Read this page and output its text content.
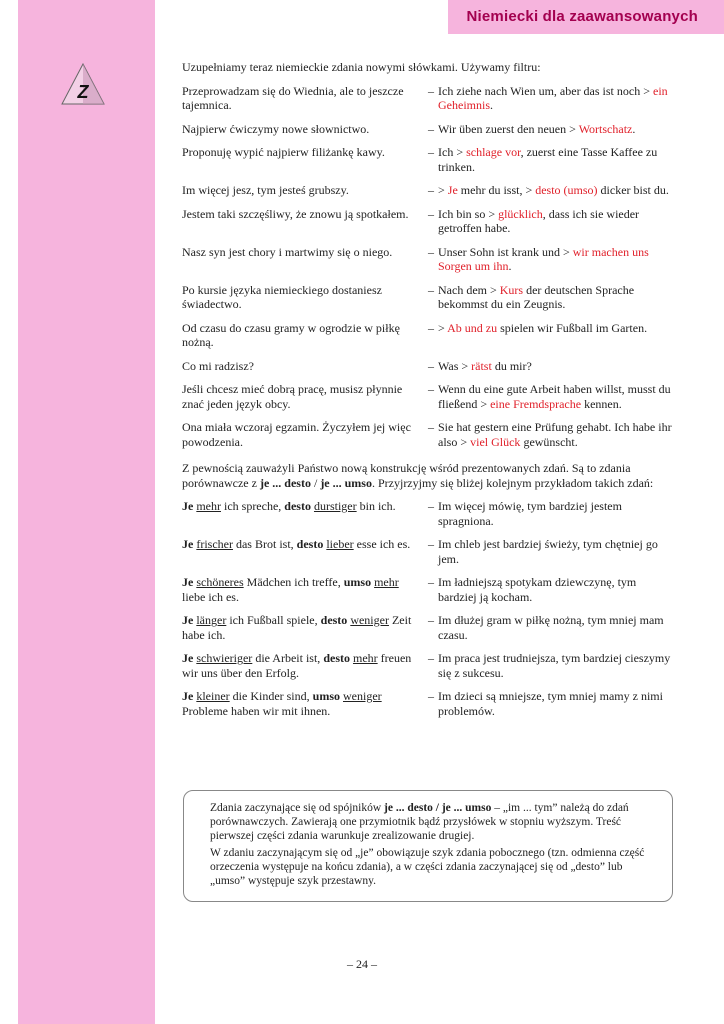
Niemiecki dla zaawansowanych
Z

Uzupełniamy teraz niemieckie zdania nowymi słówkami. Używamy filtru:

Przeprowadzam się do Wiednia, ale to jeszcze tajemnica.
– Ich ziehe nach Wien um, aber das ist noch > ein Geheimnis.
Najpierw ćwiczymy nowe słownictwo.	– Wir üben zuerst den neuen > Wortschatz.
Proponuję wypić najpierw filiżankę kawy.	– Ich > schlage vor, zuerst eine Tasse Kaffee zu trinken.
Im więcej jesz, tym jesteś grubszy.	– > Je mehr du isst, > desto (umso) dicker bist du.
Jestem taki szczęśliwy, że znowu ją spotkałem.	– Ich bin so > glücklich, dass ich sie wieder getroffen habe.
Nasz syn jest chory i martwimy się o niego.	– Unser Sohn ist krank und > wir machen uns Sorgen um ihn.
Po kursie języka niemieckiego dostaniesz świadectwo.
– Nach dem > Kurs der deutschen Sprache bekommst du ein Zeugnis.
Od czasu do czasu gramy w ogrodzie w piłkę nożną.
– > Ab und zu spielen wir Fußball im Garten.
Co mi radzisz?	– Was > rätst du mir?
Jeśli chcesz mieć dobrą pracę, musisz płynnie znać jeden język obcy.
– Wenn du eine gute Arbeit haben willst, musst du fließend > eine Fremdsprache kennen.
Ona miała wczoraj egzamin. Życzyłem jej więc powodzenia.
– Sie hat gestern eine Prüfung gehabt. Ich habe ihr also > viel Glück gewünscht.

Z pewnością zauważyli Państwo nową konstrukcję wśród prezentowanych zdań. Są to zdania porównawcze z je ... desto / je ... umso. Przyjrzyjmy się bliżej kolejnym przykładom takich zdań:

Je mehr ich spreche, desto durstiger bin ich.	– Im więcej mówię, tym bardziej jestem spragniona.
Je frischer das Brot ist, desto lieber esse ich es.	– Im chleb jest bardziej świeży, tym chętniej go jem.
Je schöneres Mädchen ich treffe, umso mehr liebe ich es.
– Im ładniejszą spotykam dziewczynę, tym bardziej ją kocham.
Je länger ich Fußball spiele, desto weniger Zeit habe ich.
– Im dłużej gram w piłkę nożną, tym mniej mam czasu.
Je schwieriger die Arbeit ist, desto mehr freuen wir uns über den Erfolg.
– Im praca jest trudniejsza, tym bardziej cieszymy się z sukcesu.
Je kleiner die Kinder sind, umso weniger Probleme haben wir mit ihnen.
– Im dzieci są mniejsze, tym mniej mamy z nimi problemów.

Zdania zaczynające się od spójników je ... desto / je ... umso – „im ... tym” należą do zdań porównawczych. Zawierają one przymiotnik bądź przysłówek w stopniu wyższym. Treść pierwszej części zdania warunkuje zrealizowanie drugiej.

W zdaniu zaczynającym się od „je” obowiązuje szyk zdania pobocznego (tzn. odmienna część orzeczenia występuje na końcu zdania), a w części zdania zaczynającej się od „desto” lub „umso” występuje szyk przestawny.

– 24 –
